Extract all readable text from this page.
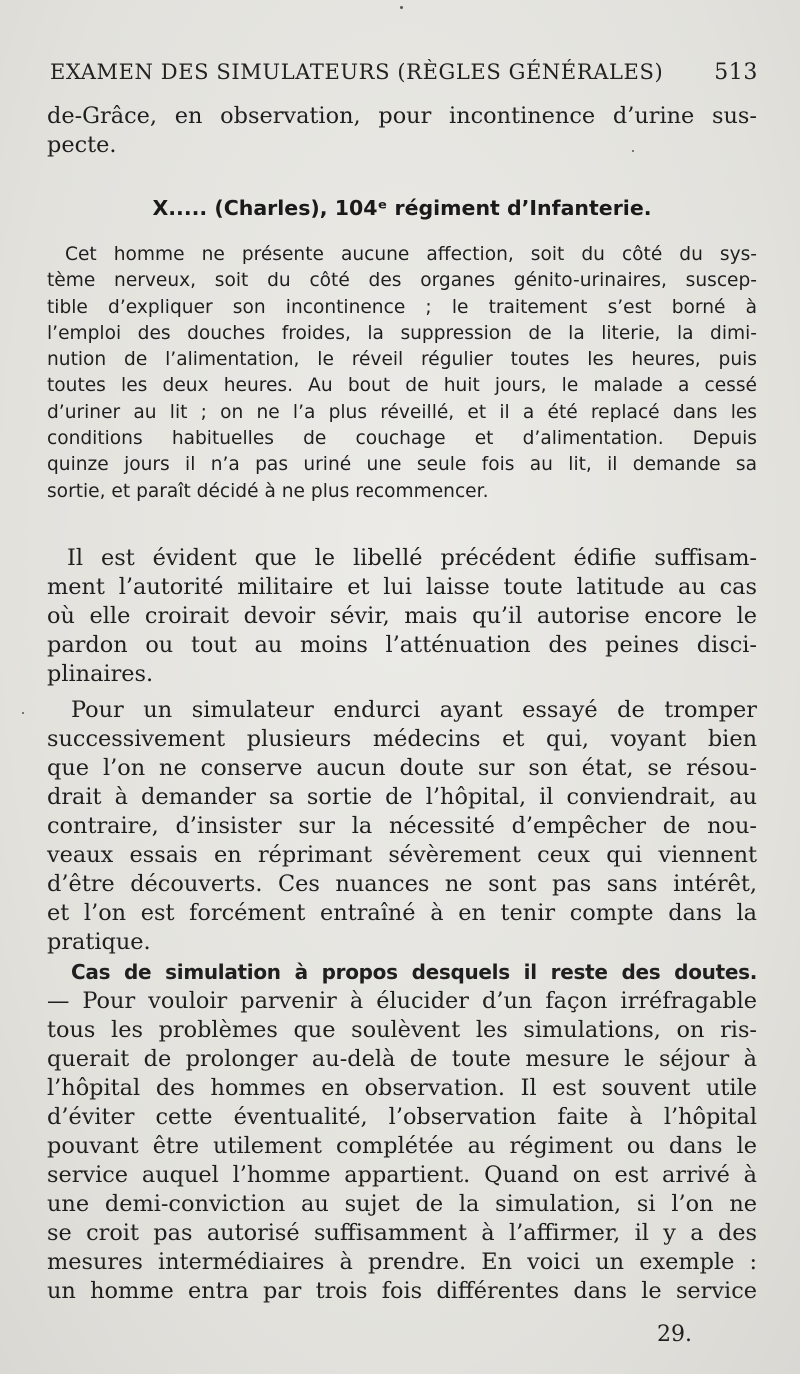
EXAMEN DES SIMULATEURS (RÈGLES GÉNÉRALES) 513
de-Grâce, en observation, pour incontinence d’urine sus-
pecte.
X..... (Charles), 104ᵉ régiment d’Infanterie.
Cet homme ne présente aucune affection, soit du côté du sys-
tème nerveux, soit du côté des organes génito-urinaires, suscep-
tible d’expliquer son incontinence ; le traitement s’est borné à
l’emploi des douches froides, la suppression de la literie, la dimi-
nution de l’alimentation, le réveil régulier toutes les heures, puis
toutes les deux heures. Au bout de huit jours, le malade a cessé
d’uriner au lit ; on ne l’a plus réveillé, et il a été replacé dans les
conditions habituelles de couchage et d’alimentation. Depuis
quinze jours il n’a pas uriné une seule fois au lit, il demande sa
sortie, et paraît décidé à ne plus recommencer.
Il est évident que le libellé précédent édifie suffisam-
ment l’autorité militaire et lui laisse toute latitude au cas
où elle croirait devoir sévir, mais qu’il autorise encore le
pardon ou tout au moins l’atténuation des peines disci-
plinaires.
Pour un simulateur endurci ayant essayé de tromper
successivement plusieurs médecins et qui, voyant bien
que l’on ne conserve aucun doute sur son état, se résou-
drait à demander sa sortie de l’hôpital, il conviendrait, au
contraire, d’insister sur la nécessité d’empêcher de nou-
veaux essais en réprimant sévèrement ceux qui viennent
d’être découverts. Ces nuances ne sont pas sans intérêt,
et l’on est forcément entraîné à en tenir compte dans la
pratique.
Cas de simulation à propos desquels il reste des doutes.
— Pour vouloir parvenir à élucider d’un façon irréfragable
tous les problèmes que soulèvent les simulations, on ris-
querait de prolonger au-delà de toute mesure le séjour à
l’hôpital des hommes en observation. Il est souvent utile
d’éviter cette éventualité, l’observation faite à l’hôpital
pouvant être utilement complétée au régiment ou dans le
service auquel l’homme appartient. Quand on est arrivé à
une demi-conviction au sujet de la simulation, si l’on ne
se croit pas autorisé suffisamment à l’affirmer, il y a des
mesures intermédiaires à prendre. En voici un exemple :
un homme entra par trois fois différentes dans le service
29.
